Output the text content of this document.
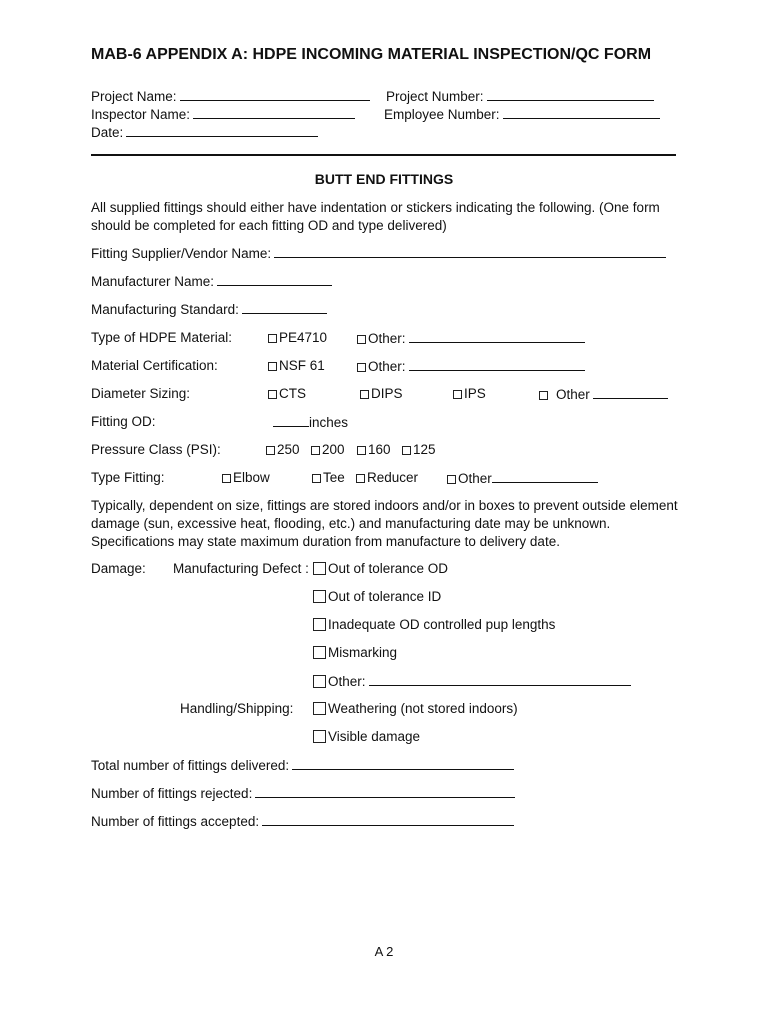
MAB-6 APPENDIX A: HDPE INCOMING MATERIAL INSPECTION/QC FORM
Project Name:	Project Number:
Inspector Name:	Employee Number:
Date:
BUTT END FITTINGS
All supplied fittings should either have indentation or stickers indicating the following. (One form should be completed for each fitting OD and type delivered)
Fitting Supplier/Vendor Name:
Manufacturer Name:
Manufacturing Standard:
Type of HDPE Material:	PE4710	Other:
Material Certification:	NSF 61	Other:
Diameter Sizing:	CTS	DIPS	IPS	Other
Fitting OD:	inches
Pressure Class (PSI):	250	200	160	125
Type Fitting:	Elbow	Tee	Reducer	Other
Typically, dependent on size, fittings are stored indoors and/or in boxes to prevent outside element damage (sun, excessive heat, flooding, etc.) and manufacturing date may be unknown. Specifications may state maximum duration from manufacture to delivery date.
Damage: Manufacturing Defect :	Out of tolerance OD
Out of tolerance ID
Inadequate OD controlled pup lengths
Mismarking
Other:
Handling/Shipping:	Weathering (not stored indoors)
Visible damage
Total number of fittings delivered:
Number of fittings rejected:
Number of fittings accepted:
A 2
